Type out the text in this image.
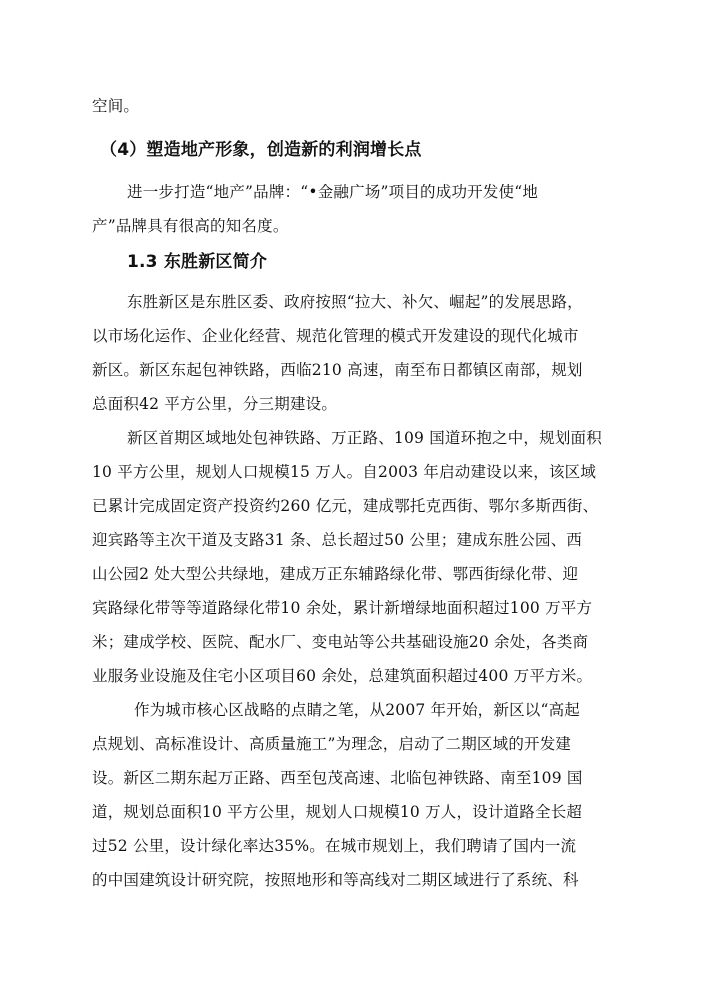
空间。
（4）塑造地产形象，创造新的利润增长点
进一步打造“地产”品牌：“•金融广场”项目的成功开发使“地
产”品牌具有很高的知名度。
1.3 东胜新区简介
东胜新区是东胜区委、政府按照“拉大、补欠、崛起”的发展思路，
以市场化运作、企业化经营、规范化管理的模式开发建设的现代化城市
新区。新区东起包神铁路，西临210 高速，南至布日都镇区南部，规划
总面积42 平方公里，分三期建设。
新区首期区域地处包神铁路、万正路、109 国道环抱之中，规划面积
10 平方公里，规划人口规模15 万人。自2003 年启动建设以来，该区域
已累计完成固定资产投资约260 亿元，建成鄂托克西街、鄂尔多斯西街、
迎宾路等主次干道及支路31 条、总长超过50 公里；建成东胜公园、西
山公园2 处大型公共绿地，建成万正东辅路绿化带、鄂西街绿化带、迎
宾路绿化带等等道路绿化带10 余处，累计新增绿地面积超过100 万平方
米；建成学校、医院、配水厂、变电站等公共基础设施20 余处，各类商
业服务业设施及住宅小区项目60 余处，总建筑面积超过400 万平方米。
作为城市核心区战略的点睛之笔，从2007 年开始，新区以“高起
点规划、高标准设计、高质量施工”为理念，启动了二期区域的开发建
设。新区二期东起万正路、西至包茂高速、北临包神铁路、南至109 国
道，规划总面积10 平方公里，规划人口规模10 万人，设计道路全长超
过52 公里，设计绿化率达35%。在城市规划上，我们聘请了国内一流
的中国建筑设计研究院，按照地形和等高线对二期区域进行了系统、科
